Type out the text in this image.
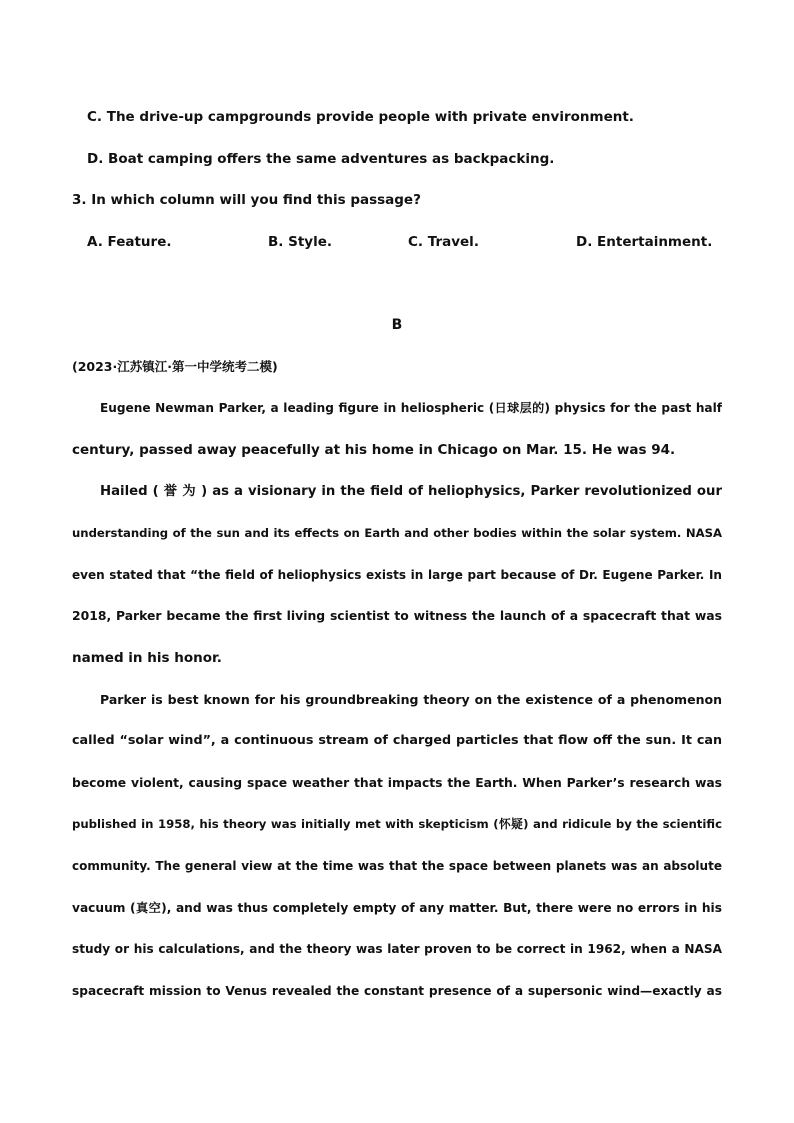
C. The drive-up campgrounds provide people with private environment.
D. Boat camping offers the same adventures as backpacking.
3. In which column will you find this passage?
A. Feature.	B. Style.	C. Travel.	D. Entertainment.
B
(2023·江苏镇江·第一中学统考二模)
Eugene Newman Parker, a leading figure in heliospheric (日球层的) physics for the past half
century, passed away peacefully at his home in Chicago on Mar. 15. He was 94.
Hailed ( 誉 为 ) as a visionary in the field of heliophysics, Parker revolutionized our
understanding of the sun and its effects on Earth and other bodies within the solar system. NASA
even stated that “the field of heliophysics exists in large part because of Dr. Eugene Parker. In
2018, Parker became the first living scientist to witness the launch of a spacecraft that was
named in his honor.
Parker is best known for his groundbreaking theory on the existence of a phenomenon
called “solar wind”, a continuous stream of charged particles that flow off the sun. It can
become violent, causing space weather that impacts the Earth. When Parker’s research was
published in 1958, his theory was initially met with skepticism (怀疑) and ridicule by the scientific
community. The general view at the time was that the space between planets was an absolute
vacuum (真空), and was thus completely empty of any matter. But, there were no errors in his
study or his calculations, and the theory was later proven to be correct in 1962, when a NASA
spacecraft mission to Venus revealed the constant presence of a supersonic wind—exactly as
